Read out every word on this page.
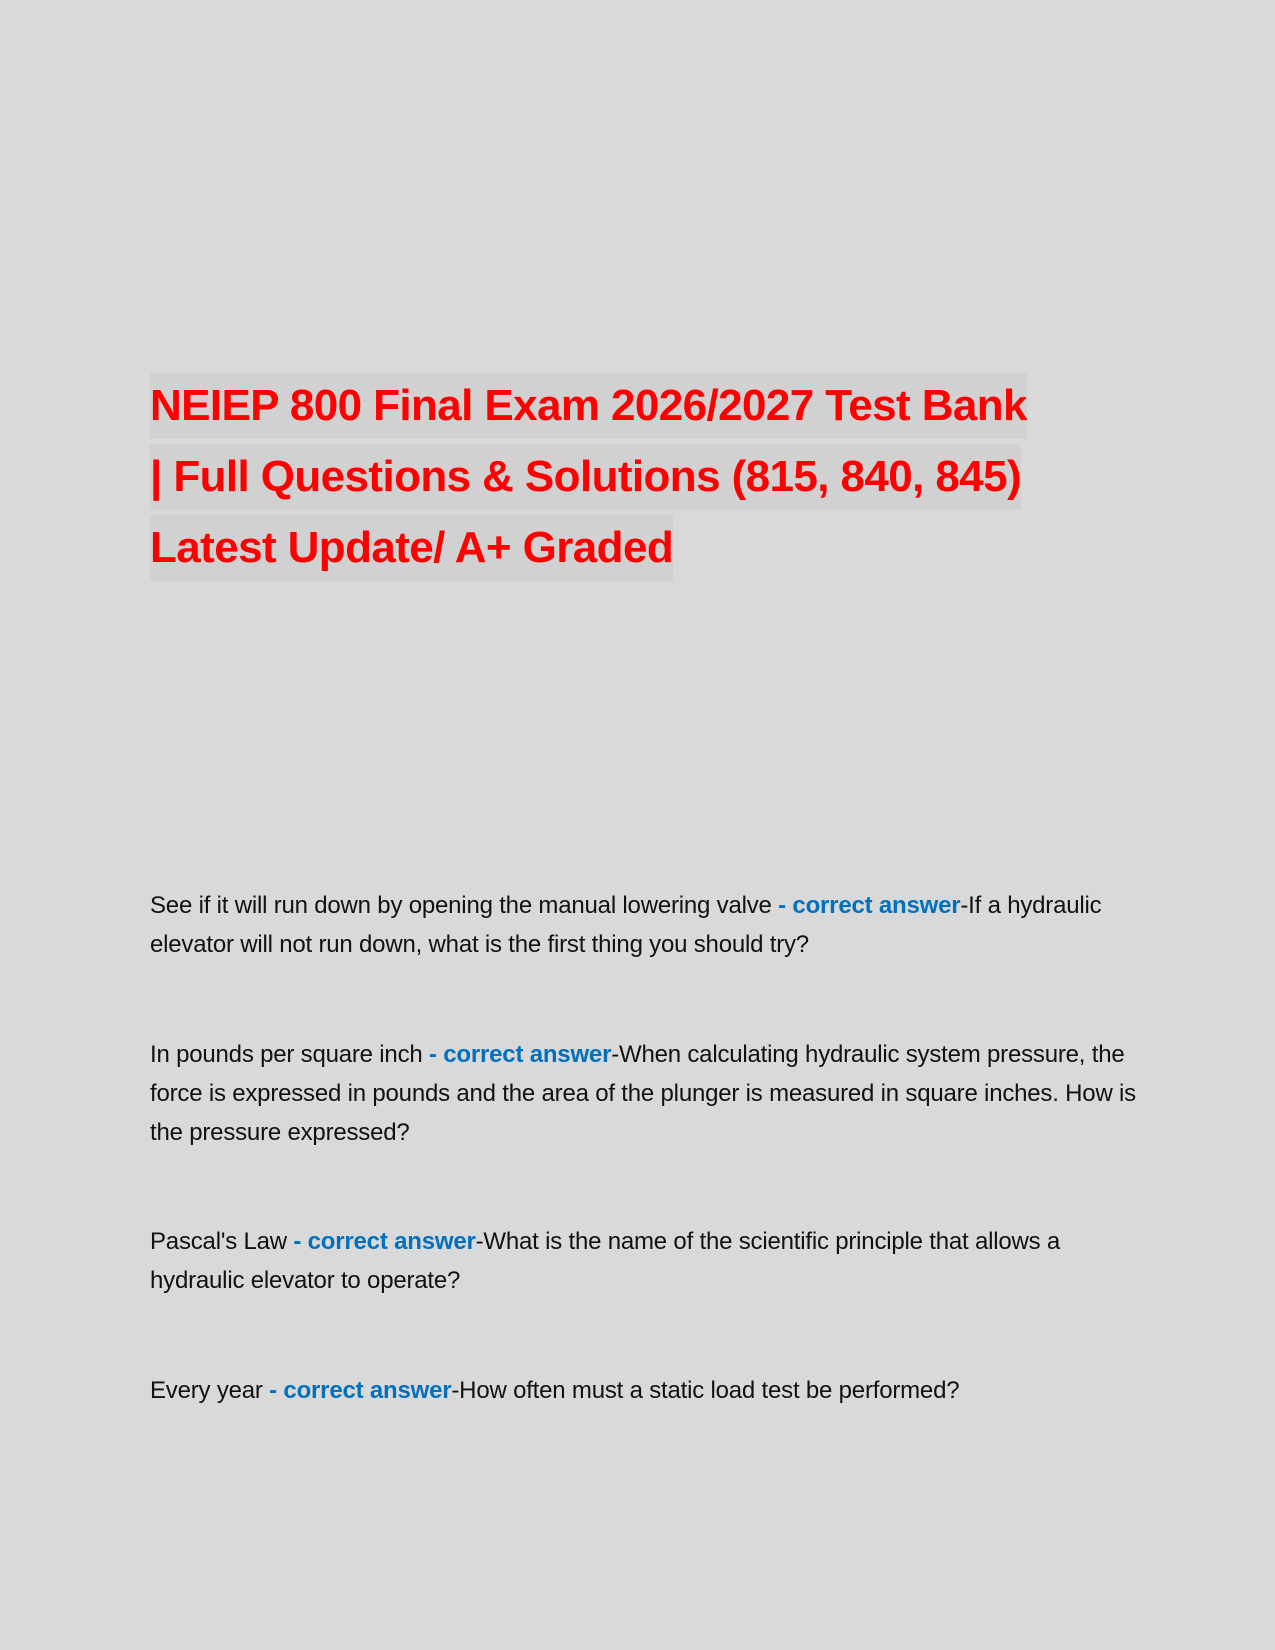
NEIEP 800 Final Exam 2026/2027 Test Bank
| Full Questions & Solutions (815, 840, 845)
Latest Update/ A+ Graded

See if it will run down by opening the manual lowering valve - correct answer-If a hydraulic elevator will not run down, what is the first thing you should try?

In pounds per square inch - correct answer-When calculating hydraulic system pressure, the force is expressed in pounds and the area of the plunger is measured in square inches. How is the pressure expressed?

Pascal's Law - correct answer-What is the name of the scientific principle that allows a hydraulic elevator to operate?

Every year - correct answer-How often must a static load test be performed?
